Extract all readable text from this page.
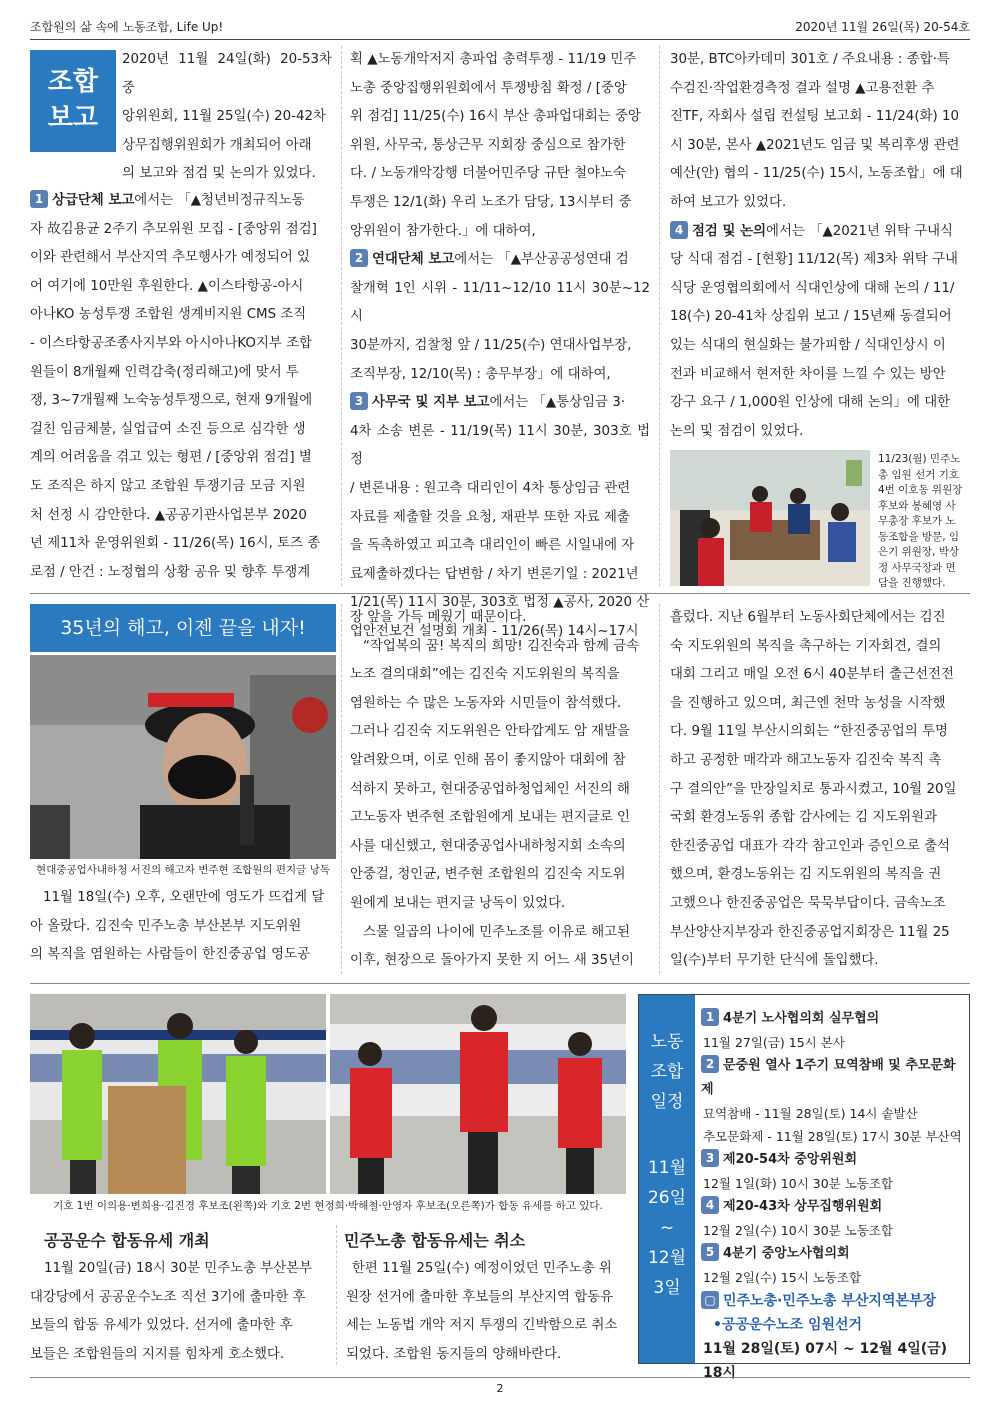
조합원의 삶 속에 노동조합, Life Up!	2020년 11월 26일(목) 20-54호
조합
보고

2020년 11월 24일(화) 20-53차 중

앙위원회, 11월 25일(수) 20-42차

상무집행위원회가 개최되어 아래

의 보고와 점검 및 논의가 있었다.

1 상급단체 보고에서는 「▲청년비정규직노동

자 故김용균 2주기 추모위원 모집 - [중앙위 점검]

이와 관련해서 부산지역 추모행사가 예정되어 있

어 여기에 10만원 후원한다. ▲이스타항공-아시

아나KO 농성투쟁 조합원 생계비지원 CMS 조직

- 이스타항공조종사지부와 아시아나KO지부 조합

원들이 8개월째 인력감축(정리해고)에 맞서 투

쟁, 3~7개월째 노숙농성투쟁으로, 현재 9개월에

걸친 임금체불, 실업급여 소진 등으로 심각한 생

계의 어려움을 겪고 있는 형편 / [중앙위 점검] 별

도 조직은 하지 않고 조합원 투쟁기금 모금 지원

처 선정 시 감안한다. ▲공공기관사업본부 2020

년 제11차 운영위원회 - 11/26(목) 16시, 토즈 종

로점 / 안건 : 노정협의 상황 공유 및 향후 투쟁계

획 ▲노동개악저지 총파업 총력투쟁 - 11/19 민주

노총 중앙집행위원회에서 투쟁방침 확정 / [중앙

위 점검] 11/25(수) 16시 부산 총파업대회는 중앙

위원, 사무국, 통상근무 지회장 중심으로 참가한

다. / 노동개악강행 더불어민주당 규탄 철야노숙

투쟁은 12/1(화) 우리 노조가 담당, 13시부터 중

앙위원이 참가한다.」에 대하여,

2 연대단체 보고에서는 「▲부산공공성연대 검

찰개혁 1인 시위 - 11/11~12/10 11시 30분~12시

30분까지, 검찰청 앞 / 11/25(수) 연대사업부장,

조직부장, 12/10(목) : 총무부장」에 대하여,

3 사무국 및 지부 보고에서는 「▲통상임금 3·

4차 소송 변론 - 11/19(목) 11시 30분, 303호 법정

/ 변론내용 : 원고측 대리인이 4차 통상임금 관련

자료를 제출할 것을 요청, 재판부 또한 자료 제출

을 독촉하였고 피고측 대리인이 빠른 시일내에 자

료제출하겠다는 답변함 / 차기 변론기일 : 2021년

1/21(목) 11시 30분, 303호 법정 ▲공사, 2020 산

업안전보건 설명회 개최 - 11/26(목) 14시~17시

30분, BTC아카데미 301호 / 주요내용 : 종합·특

수검진·작업환경측정 결과 설명 ▲고용전환 추

진TF, 자회사 설립 컨설팅 보고회 - 11/24(화) 10

시 30분, 본사 ▲2021년도 임금 및 복리후생 관련

예산(안) 협의 - 11/25(수) 15시, 노동조합」에 대

하여 보고가 있었다.

4 점검 및 논의에서는 「▲2021년 위탁 구내식

당 식대 점검 - [현황] 11/12(목) 제3차 위탁 구내

식당 운영협의회에서 식대인상에 대해 논의 / 11/

18(수) 20-41차 상집위 보고 / 15년째 동결되어

있는 식대의 현실화는 불가피함 / 식대인상시 이

전과 비교해서 현저한 차이를 느낄 수 있는 방안

강구 요구 / 1,000원 인상에 대해 논의」에 대한

논의 및 점검이 있었다.

11/23(월) 민주노
총 임원 선거 기호
4번 이호동 위원장
후보와 봉혜영 사
무총장 후보가 노
동조합을 방문, 임
은기 위원장, 박상
정 사무국장과 면
담을 진행했다.
35년의 해고, 이젠 끝을 내자!
현대중공업사내하청 서진의 해고자 변주현 조합원의 편지글 낭독

11월 18일(수) 오후, 오랜만에 영도가 뜨겁게 달

아 올랐다. 김진숙 민주노총 부산본부 지도위원

의 복직을 염원하는 사람들이 한진중공업 영도공

장 앞을 가득 메웠기 때문이다.

“작업복의 꿈! 복직의 희망! 김진숙과 함께 금속

노조 결의대회”에는 김진숙 지도위원의 복직을

염원하는 수 많은 노동자와 시민들이 참석했다.

그러나 김진숙 지도위원은 안타깝게도 암 재발을

알려왔으며, 이로 인해 몸이 좋지않아 대회에 참

석하지 못하고, 현대중공업하청업체인 서진의 해

고노동자 변주현 조합원에게 보내는 편지글로 인

사를 대신했고, 현대중공업사내하청지회 소속의

안중걸, 정인균, 변주현 조합원의 김진숙 지도위

원에게 보내는 편지글 낭독이 있었다.

스물 일곱의 나이에 민주노조를 이유로 해고된

이후, 현장으로 돌아가지 못한 지 어느 새 35년이

흘렀다. 지난 6월부터 노동사회단체에서는 김진

숙 지도위원의 복직을 촉구하는 기자회견, 결의

대회 그리고 매일 오전 6시 40분부터 출근선전전

을 진행하고 있으며, 최근엔 천막 농성을 시작했

다. 9월 11일 부산시의회는 “한진중공업의 투명

하고 공정한 매각과 해고노동자 김진숙 복직 촉

구 결의안”을 만장일치로 통과시켰고, 10월 20일

국회 환경노동위 종합 감사에는 김 지도위원과

한진중공업 대표가 각각 참고인과 증인으로 출석

했으며, 환경노동위는 김 지도위원의 복직을 권

고했으나 한진중공업은 묵묵부답이다. 금속노조

부산양산지부장과 한진중공업지회장은 11월 25

일(수)부터 무기한 단식에 돌입했다.

기호 1번 이의용·변희용·김진경 후보조(왼쪽)와 기호 2번 현정희·박해철·안영자 후보조(오른쪽)가 합동 유세를 하고 있다.
공공운수 합동유세 개최

11월 20일(금) 18시 30분 민주노총 부산본부

대강당에서 공공운수노조 직선 3기에 출마한 후

보들의 합동 유세가 있었다. 선거에 출마한 후

보들은 조합원들의 지지를 힘차게 호소했다.

민주노총 합동유세는 취소

한편 11월 25일(수) 예정이었던 민주노총 위

원장 선거에 출마한 후보들의 부산지역 합동유

세는 노동법 개악 저지 투쟁의 긴박함으로 취소

되었다. 조합원 동지들의 양해바란다.

노동
조합
일정
11월
26일
~
12월
3일
1 4분기 노사협의회 실무협의
11월 27일(금) 15시 본사
2 문중원 열사 1주기 묘역참배 및 추모문화제
묘역참배 - 11월 28일(토) 14시 솥발산
추모문화제 - 11월 28일(토) 17시 30분 부산역
3 제20-54차 중앙위원회
12월 1일(화) 10시 30분 노동조합
4 제20-43차 상무집행위원회
12월 2일(수) 10시 30분 노동조합
5 4분기 중앙노사협의회
12월 2일(수) 15시 노동조합
▢ 민주노총·민주노총 부산지역본부장
•공공운수노조 임원선거
11월 28일(토) 07시 ~ 12월 4일(금) 18시
2
